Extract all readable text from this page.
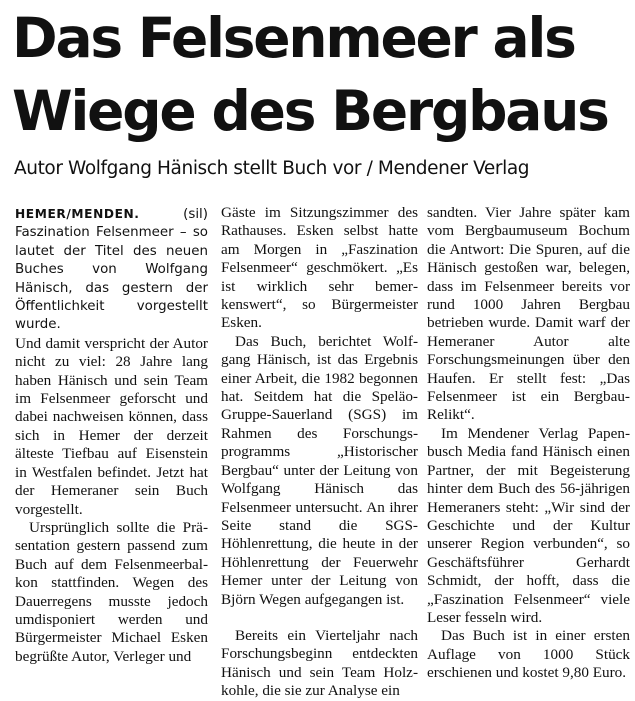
Das Felsenmeer als
Wiege des Bergbaus
Autor Wolfgang Hänisch stellt Buch vor / Mendener Verlag

HEMER/MENDEN. (sil) Faszination Felsenmeer – so lautet der Titel des neuen Buches von Wolfgang Hänisch, das gestern der Öffentlichkeit vorgestellt wurde.

Und damit verspricht der Autor nicht zu viel: 28 Jahre lang haben Hänisch und sein Team im Felsenmeer geforscht und dabei nachweisen können, dass sich in Hemer der derzeit älteste Tiefbau auf Eisenstein in Westfalen befindet. Jetzt hat der Hemeraner sein Buch vorgestellt.

Ursprünglich sollte die Präsentation gestern passend zum Buch auf dem Felsenmeerbalkon stattfinden. Wegen des Dauerregens musste jedoch umdisponiert werden und Bürgermeister Michael Esken begrüßte Autor, Verleger und

Gäste im Sitzungszimmer des Rathauses. Esken selbst hatte am Morgen in „Faszination Felsenmeer“ geschmökert. „Es ist wirklich sehr bemerkenswert“, so Bürgermeister Esken.

Das Buch, berichtet Wolfgang Hänisch, ist das Ergebnis einer Arbeit, die 1982 begonnen hat. Seitdem hat die Speläo-Gruppe-Sauerland (SGS) im Rahmen des Forschungsprogramms „Historischer Bergbau“ unter der Leitung von Wolfgang Hänisch das Felsenmeer untersucht. An ihrer Seite stand die SGS-Höhlenrettung, die heute in der Höhlenrettung der Feuerwehr Hemer unter der Leitung von Björn Wegen aufgegangen ist.

Bereits ein Vierteljahr nach Forschungsbeginn entdeckten Hänisch und sein Team Holzkohle, die sie zur Analyse ein

sandten. Vier Jahre später kam vom Bergbaumuseum Bochum die Antwort: Die Spuren, auf die Hänisch gestoßen war, belegen, dass im Felsenmeer bereits vor rund 1000 Jahren Bergbau betrieben wurde. Damit warf der Hemeraner Autor alte Forschungsmeinungen über den Haufen. Er stellt fest: „Das Felsenmeer ist ein Bergbau-Relikt“.

Im Mendener Verlag Papenbusch Media fand Hänisch einen Partner, der mit Begeisterung hinter dem Buch des 56-jährigen Hemeraners steht: „Wir sind der Geschichte und der Kultur unserer Region verbunden“, so Geschäftsführer Gerhardt Schmidt, der hofft, dass die „Faszination Felsenmeer“ viele Leser fesseln wird.

Das Buch ist in einer ersten Auflage von 1000 Stück erschienen und kostet 9,80 Euro.
